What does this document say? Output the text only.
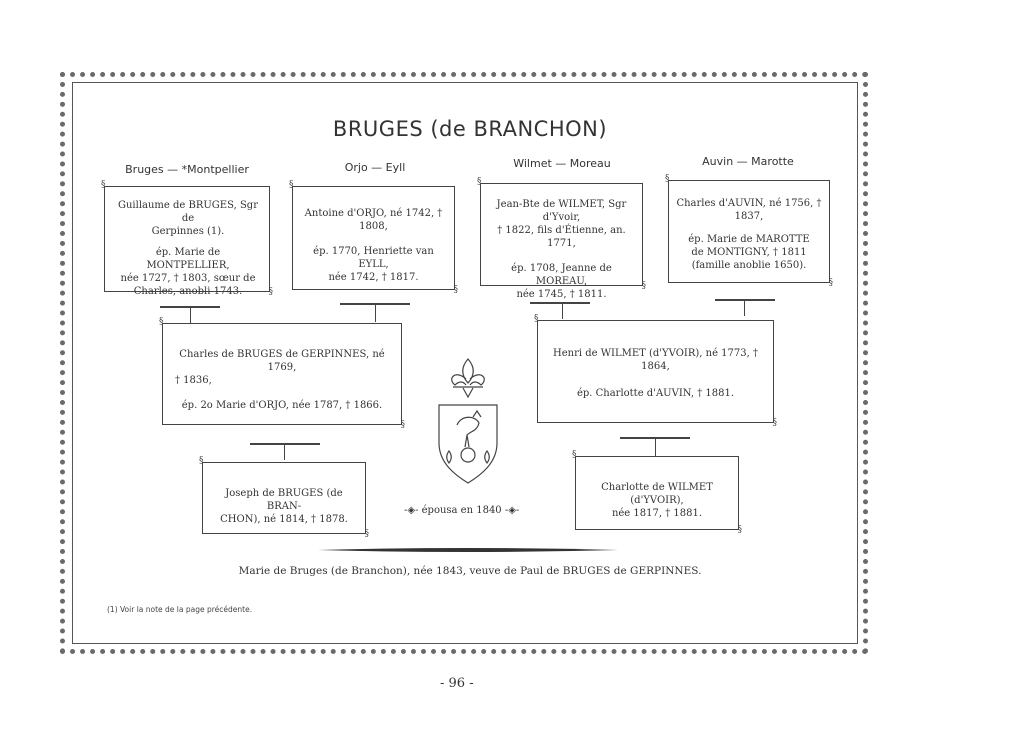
BRUGES (de BRANCHON)
Bruges — *Montpellier	Orjo — Eyll	Wilmet — Moreau	Auvin — Marotte

§ Guillaume de BRUGES, Sgr de

Gerpinnes (1).

ép. Marie de MONTPELLIER,

née 1727, † 1803, sœur de

Charles, anobli 1743.

§

§ Antoine d'ORJO, né 1742, † 1808,

ép. 1770, Henriette van EYLL,

née 1742, † 1817.

§

§ Jean-Bte de WILMET, Sgr d'Yvoir,

† 1822, fils d'Étienne, an. 1771,

ép. 1708, Jeanne de MOREAU,

née 1745, † 1811.

§

§ Charles d'AUVIN, né 1756, † 1837,

ép. Marie de MAROTTE

de MONTIGNY, † 1811

(famille anoblie 1650).

§

§ Charles de BRUGES de GERPINNES, né 1769,

† 1836,

ép. 2o Marie d'ORJO, née 1787, † 1866.

§

§ Henri de WILMET (d'YVOIR), né 1773, † 1864,

ép. Charlotte d'AUVIN, † 1881.

§

§ Joseph de BRUGES (de BRAN-

CHON), né 1814, † 1878.

§

§ Charlotte de WILMET (d'YVOIR),

née 1817, † 1881.

§
-◈- épousa en 1840 -◈-
Marie de Bruges (de Branchon), née 1843, veuve de Paul de BRUGES de GERPINNES.
(1) Voir la note de la page précédente.
- 96 -
